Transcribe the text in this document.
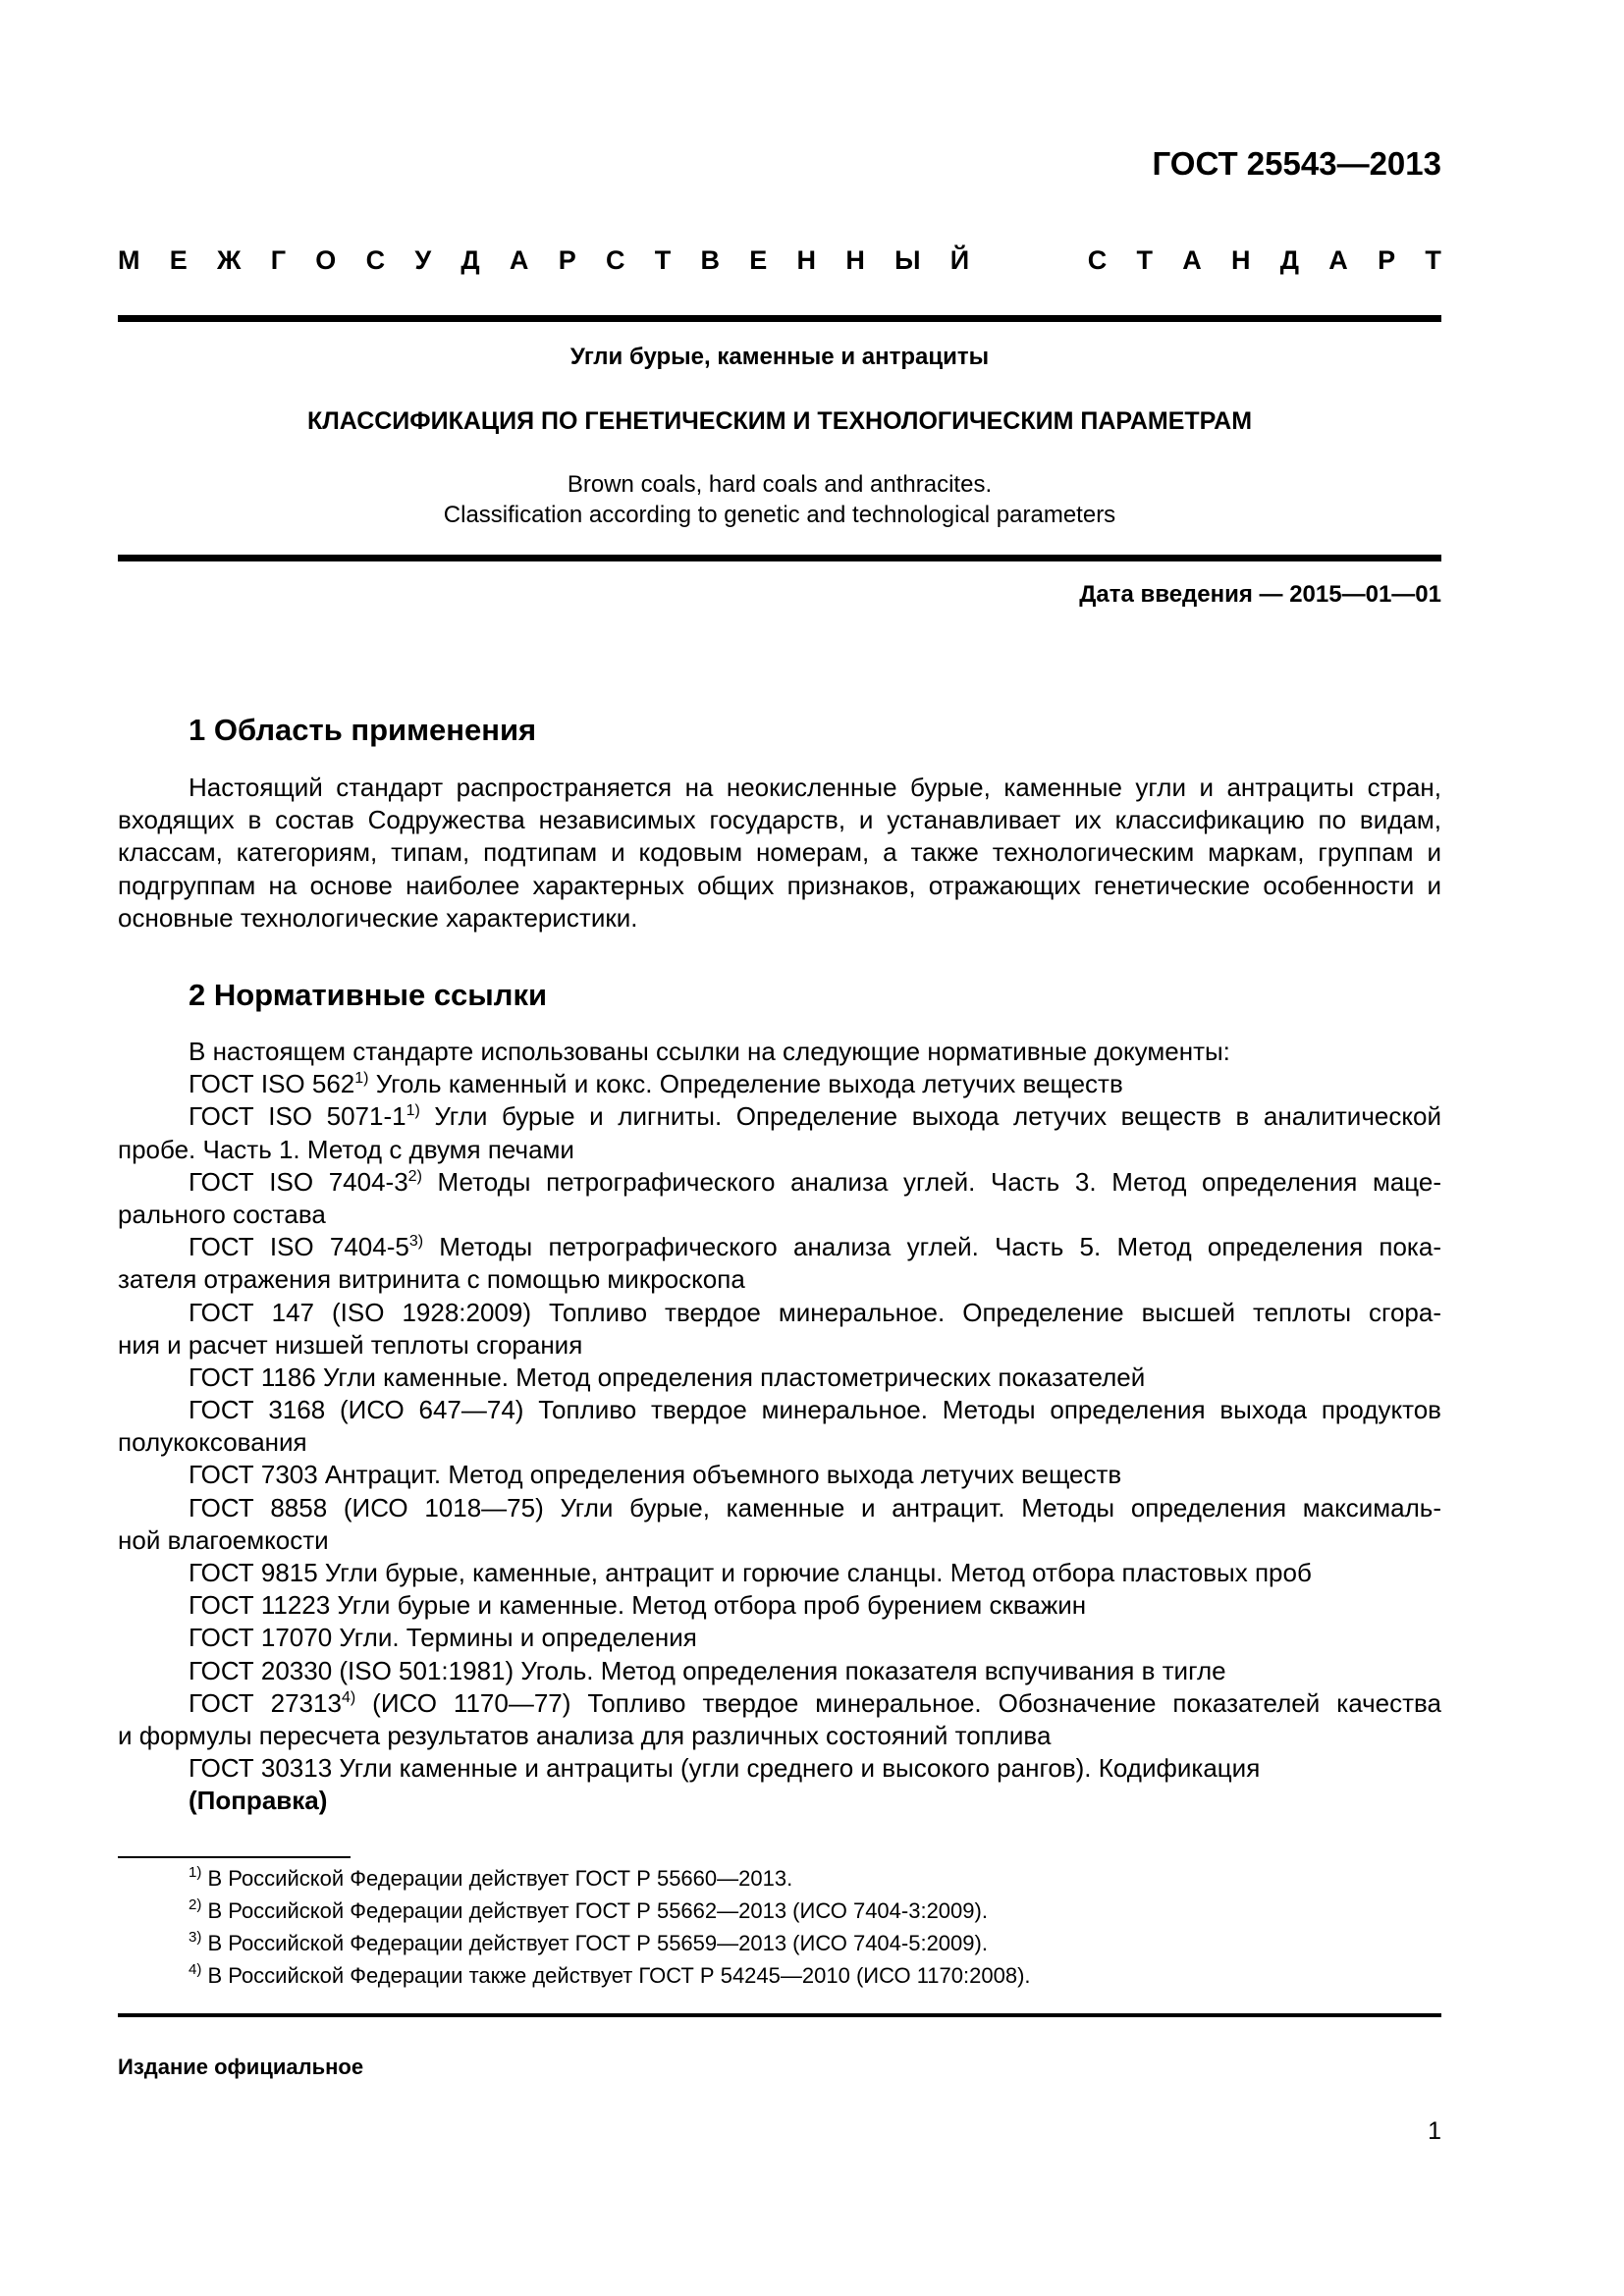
ГОСТ 25543—2013
М Е Ж Г О С У Д А Р С Т В Е Н Н Ы Й	С Т А Н Д А Р Т
Угли бурые, каменные и антрациты
КЛАССИФИКАЦИЯ ПО ГЕНЕТИЧЕСКИМ И ТЕХНОЛОГИЧЕСКИМ ПАРАМЕТРАМ
Brown coals, hard coals and anthracites.
Classification according to genetic and technological parameters
Дата введения — 2015—01—01
1 Область применения
Настоящий стандарт распространяется на неокисленные бурые, каменные угли и антрациты стран, входящих в состав Содружества независимых государств, и устанавливает их классификацию по видам, классам, категориям, типам, подтипам и кодовым номерам, а также технологическим маркам, группам и подгруппам на основе наиболее характерных общих признаков, отражающих генетические особенности и основные технологические характеристики.
2 Нормативные ссылки
В настоящем стандарте использованы ссылки на следующие нормативные документы:
ГОСТ ISO 562$^{1)}$ Уголь каменный и кокс. Определение выхода летучих веществ
ГОСТ ISO 5071-1$^{1)}$ Угли бурые и лигниты. Определение выхода летучих веществ в аналитической
пробе. Часть 1. Метод с двумя печами
ГОСТ ISO 7404-3$^{2)}$ Методы петрографического анализа углей. Часть 3. Метод определения маце-
рального состава
ГОСТ ISO 7404-5$^{3)}$ Методы петрографического анализа углей. Часть 5. Метод определения пока-
зателя отражения витринита с помощью микроскопа
ГОСТ 147 (ISO 1928:2009) Топливо твердое минеральное. Определение высшей теплоты сгора-
ния и расчет низшей теплоты сгорания
ГОСТ 1186 Угли каменные. Метод определения пластометрических показателей
ГОСТ 3168 (ИСО 647—74) Топливо твердое минеральное. Методы определения выхода продуктов
полукоксования
ГОСТ 7303 Антрацит. Метод определения объемного выхода летучих веществ
ГОСТ 8858 (ИСО 1018—75) Угли бурые, каменные и антрацит. Методы определения максималь-
ной влагоемкости
ГОСТ 9815 Угли бурые, каменные, антрацит и горючие сланцы. Метод отбора пластовых проб
ГОСТ 11223 Угли бурые и каменные. Метод отбора проб бурением скважин
ГОСТ 17070 Угли. Термины и определения
ГОСТ 20330 (ISO 501:1981) Уголь. Метод определения показателя вспучивания в тигле
ГОСТ 27313$^{4)}$ (ИСО 1170—77) Топливо твердое минеральное. Обозначение показателей качества
и формулы пересчета результатов анализа для различных состояний топлива
ГОСТ 30313 Угли каменные и антрациты (угли среднего и высокого рангов). Кодификация
(Поправка)
$^{1)}$ В Российской Федерации действует ГОСТ Р 55660—2013.
$^{2)}$ В Российской Федерации действует ГОСТ Р 55662—2013 (ИСО 7404-3:2009).
$^{3)}$ В Российской Федерации действует ГОСТ Р 55659—2013 (ИСО 7404-5:2009).
$^{4)}$ В Российской Федерации также действует ГОСТ Р 54245—2010 (ИСО 1170:2008).
Издание официальное
1
